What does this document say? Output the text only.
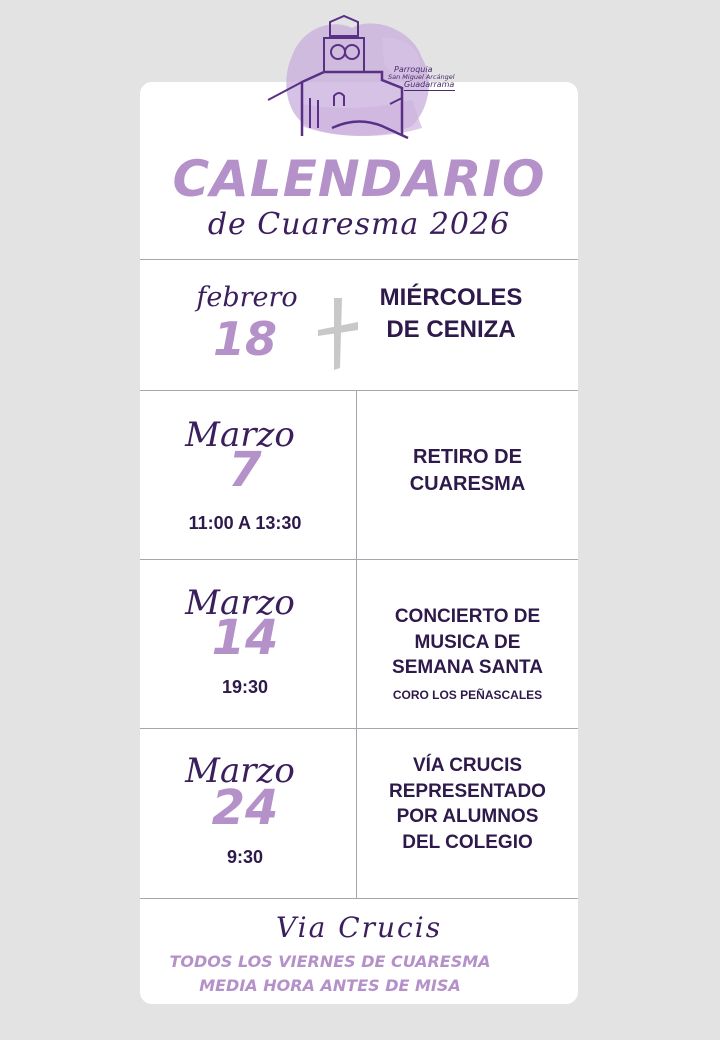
Parroquia
San Miguel Arcángel
Guadarrama
CALENDARIO
de Cuaresma 2026
febrero
18
MIÉRCOLES
DE CENIZA
Marzo
7
11:00 A 13:30
RETIRO DE
CUARESMA
Marzo
14
19:30
CONCIERTO DE
MUSICA DE
SEMANA SANTA
CORO LOS PEÑASCALES
Marzo
24
9:30
VÍA CRUCIS
REPRESENTADO
POR ALUMNOS
DEL COLEGIO
Via Crucis
TODOS LOS VIERNES DE CUARESMA
MEDIA HORA ANTES DE MISA
